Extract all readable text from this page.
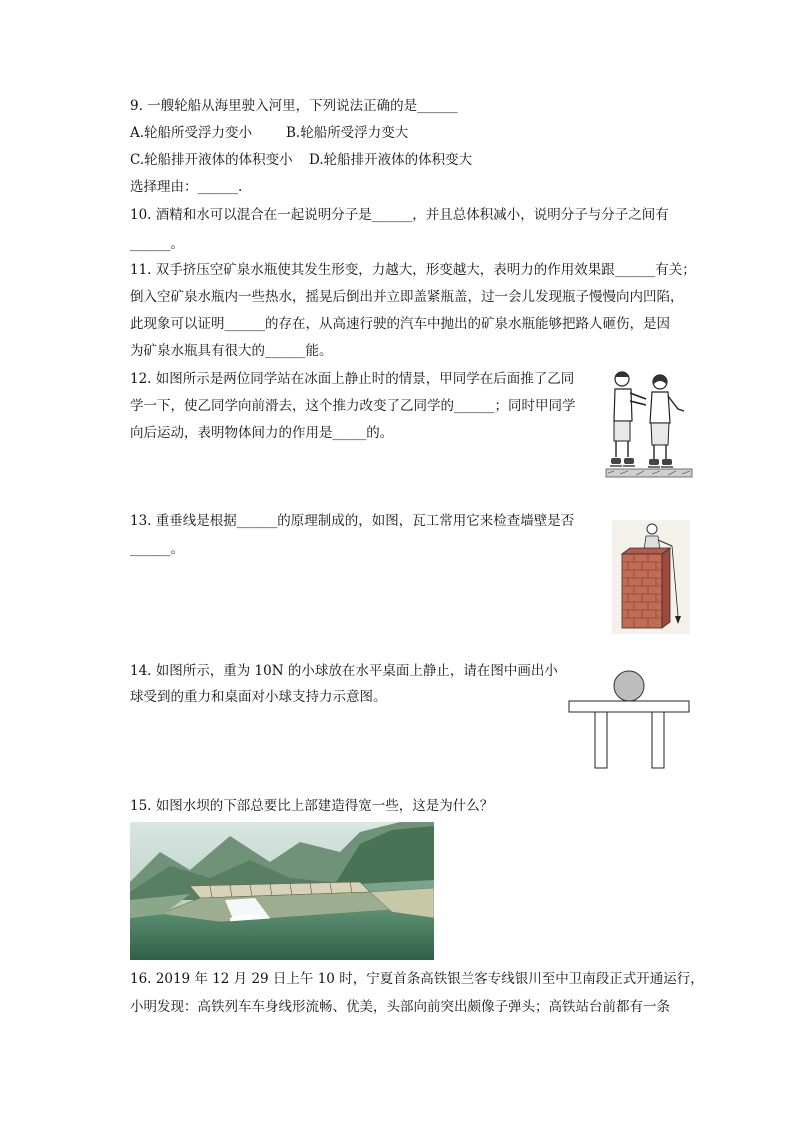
9. 一艘轮船从海里驶入河里，下列说法正确的是______
A.轮船所受浮力变小	B.轮船所受浮力变大
C.轮船排开液体的体积变小 D.轮船排开液体的体积变大
选择理由：______.
10. 酒精和水可以混合在一起说明分子是______，并且总体积减小，说明分子与分子之间有
______。
11. 双手挤压空矿泉水瓶使其发生形变，力越大，形变越大，表明力的作用效果跟______有关；
倒入空矿泉水瓶内一些热水，摇晃后倒出并立即盖紧瓶盖，过一会儿发现瓶子慢慢向内凹陷，
此现象可以证明______的存在，从高速行驶的汽车中抛出的矿泉水瓶能够把路人砸伤，是因
为矿泉水瓶具有很大的______能。
12. 如图所示是两位同学站在冰面上静止时的情景，甲同学在后面推了乙同
学一下，使乙同学向前滑去，这个推力改变了乙同学的______；同时甲同学
向后运动，表明物体间力的作用是_____的。
13. 重垂线是根据______的原理制成的，如图，瓦工常用它来检查墙壁是否
______。
14. 如图所示，重为 10N 的小球放在水平桌面上静止，请在图中画出小
球受到的重力和桌面对小球支持力示意图。
15. 如图水坝的下部总要比上部建造得宽一些，这是为什么？
16. 2019 年 12 月 29 日上午 10 时，宁夏首条高铁银兰客专线银川至中卫南段正式开通运行，
小明发现：高铁列车车身线形流畅、优美，头部向前突出颇像子弹头；高铁站台前都有一条
